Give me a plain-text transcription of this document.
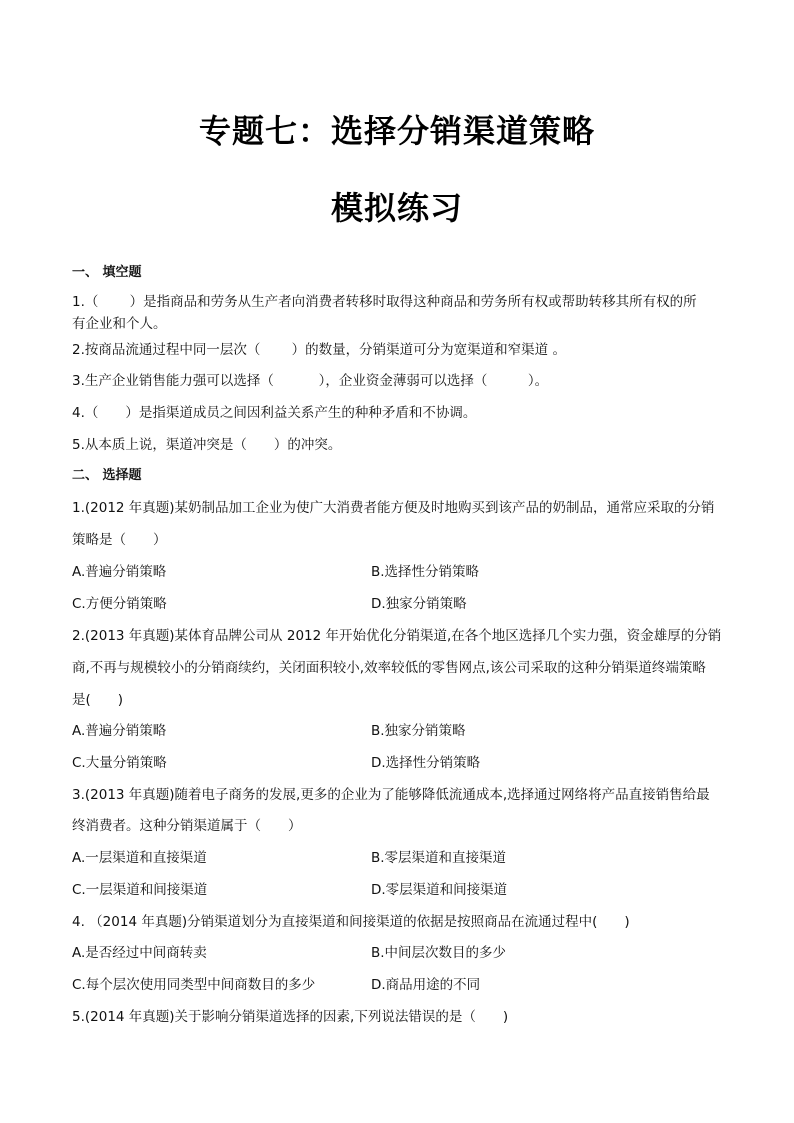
专题七：选择分销渠道策略
模拟练习
一、 填空题
1.（　　 ）是指商品和劳务从生产者向消费者转移时取得这种商品和劳务所有权或帮助转移其所有权的所
有企业和个人。
2.按商品流通过程中同一层次（　　 ）的数量，分销渠道可分为宽渠道和窄渠道 。
3.生产企业销售能力强可以选择（　　　 ），企业资金薄弱可以选择（　　　）。
4.（　　）是指渠道成员之间因利益关系产生的种种矛盾和不协调。
5.从本质上说，渠道冲突是（　　）的冲突。
二、 选择题
1.(2012 年真题)某奶制品加工企业为使广大消费者能方便及时地购买到该产品的奶制品，通常应采取的分销
策略是（　　）
A.普遍分销策略	B.选择性分销策略
C.方便分销策略	D.独家分销策略
2.(2013 年真题)某体育品牌公司从 2012 年开始优化分销渠道,在各个地区选择几个实力强，资金雄厚的分销
商,不再与规模较小的分销商续约，关闭面积较小,效率较低的零售网点,该公司采取的这种分销渠道终端策略
是(　　)
A.普遍分销策略	B.独家分销策略
C.大量分销策略	D.选择性分销策略
3.(2013 年真题)随着电子商务的发展,更多的企业为了能够降低流通成本,选择通过网络将产品直接销售给最
终消费者。这种分销渠道属于（　　）
A.一层渠道和直接渠道	B.零层渠道和直接渠道
C.一层渠道和间接渠道	D.零层渠道和间接渠道
4. （2014 年真题)分销渠道划分为直接渠道和间接渠道的依据是按照商品在流通过程中(　　)
A.是否经过中间商转卖	B.中间层次数目的多少
C.每个层次使用同类型中间商数目的多少	D.商品用途的不同
5.(2014 年真题)关于影响分销渠道选择的因素,下列说法错误的是（　　)
